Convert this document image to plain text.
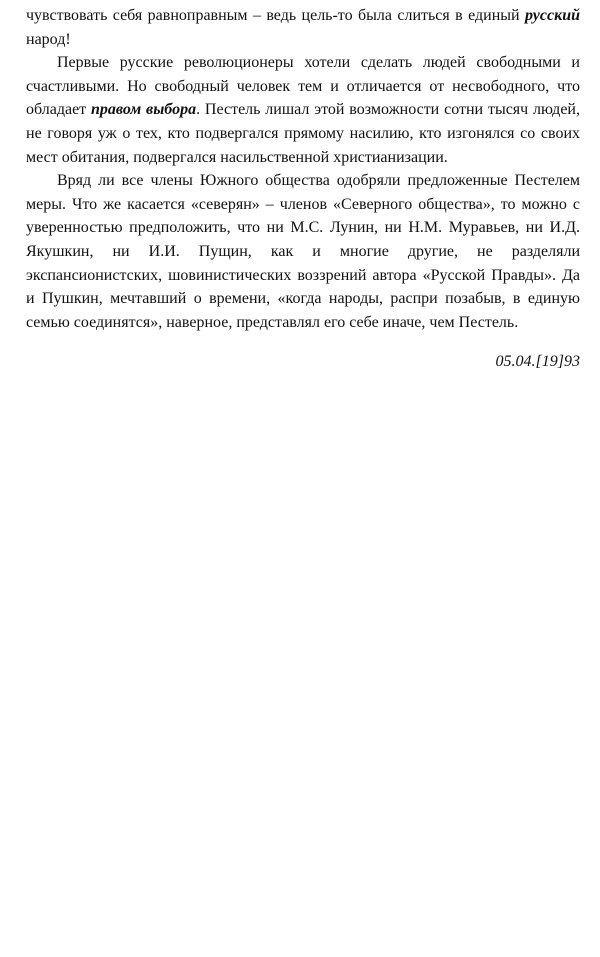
чувствовать себя равноправным – ведь цель-то была слиться в единый русский народ!

Первые русские революционеры хотели сделать людей свободными и счастливыми. Но свободный человек тем и отличается от несвободного, что обладает правом выбора. Пестель лишал этой возможности сотни тысяч людей, не говоря уж о тех, кто подвергался прямому насилию, кто изгонялся со своих мест обитания, подвергался насильственной христианизации.

Вряд ли все члены Южного общества одобряли предложенные Пестелем меры. Что же касается «северян» – членов «Северного общества», то можно с уверенностью предположить, что ни М.С. Лунин, ни Н.М. Муравьев, ни И.Д. Якушкин, ни И.И. Пущин, как и многие другие, не разделяли экспансионистских, шовинистических воззрений автора «Русской Правды». Да и Пушкин, мечтавший о времени, «когда народы, распри позабыв, в единую семью соединятся», наверное, представлял его себе иначе, чем Пестель.

05.04.[19]93
